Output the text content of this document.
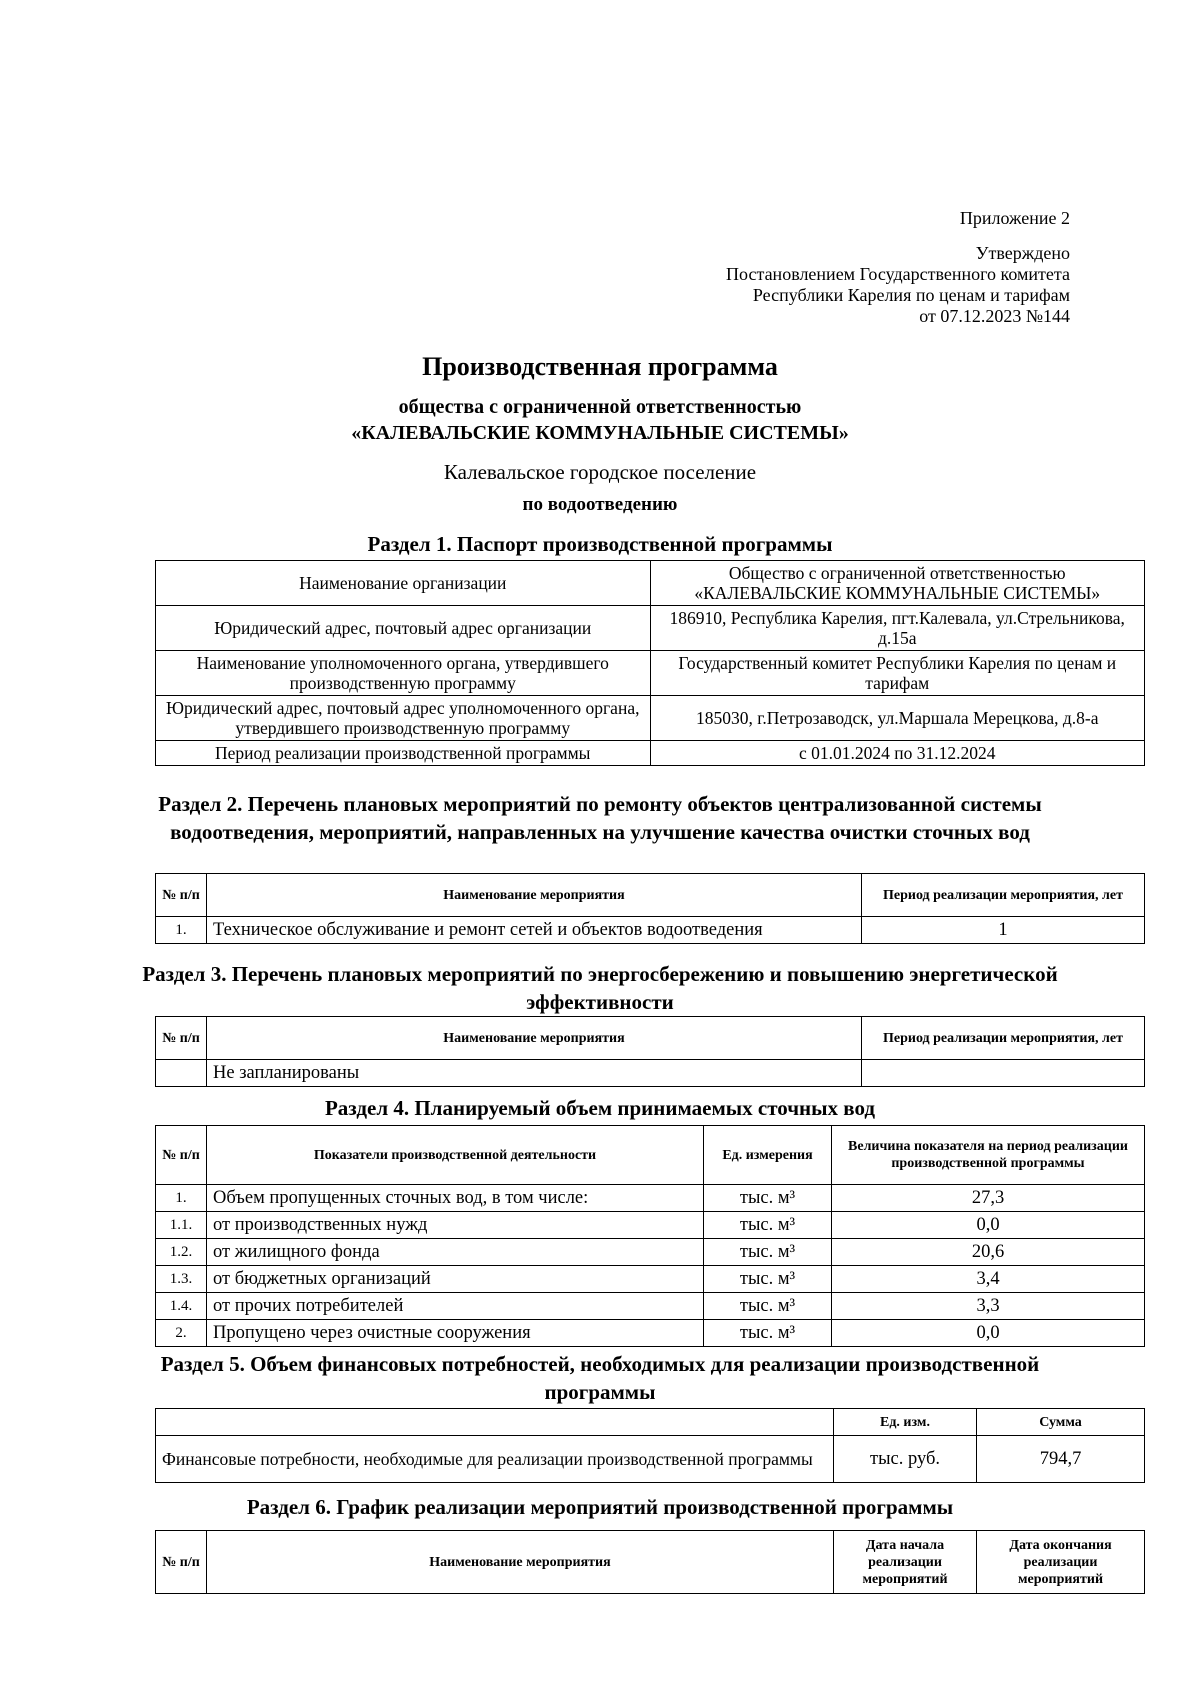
Приложение 2
Утверждено
Постановлением Государственного комитета
Республики Карелия по ценам и тарифам
от 07.12.2023 №144
Производственная программа
общества с ограниченной ответственностью
«КАЛЕВАЛЬСКИЕ КОММУНАЛЬНЫЕ СИСТЕМЫ»
Калевальское городское поселение
по водоотведению
Раздел 1. Паспорт производственной программы
Наименование организации	Общество с ограниченной ответственностью «КАЛЕВАЛЬСКИЕ КОММУНАЛЬНЫЕ СИСТЕМЫ»
Юридический адрес, почтовый адрес организации	186910, Республика Карелия, пгт.Калевала, ул.Стрельникова, д.15а
Наименование уполномоченного органа, утвердившего производственную программу	Государственный комитет Республики Карелия по ценам и тарифам
Юридический адрес, почтовый адрес уполномоченного органа, утвердившего производственную программу	185030, г.Петрозаводск, ул.Маршала Мерецкова, д.8-а
Период реализации производственной программы	с 01.01.2024 по 31.12.2024
Раздел 2. Перечень плановых мероприятий по ремонту объектов централизованной системы водоотведения, мероприятий, направленных на улучшение качества очистки сточных вод
№ п/п	Наименование мероприятия	Период реализации мероприятия, лет
1.	Техническое обслуживание и ремонт сетей и объектов водоотведения	1
Раздел 3. Перечень плановых мероприятий по энергосбережению и повышению энергетической эффективности
№ п/п	Наименование мероприятия	Период реализации мероприятия, лет
	Не запланированы	
Раздел 4. Планируемый объем принимаемых сточных вод
№ п/п	Показатели производственной деятельности	Ед. измерения	Величина показателя на период реализации производственной программы
1.	Объем пропущенных сточных вод, в том числе:	тыс. м³	27,3
1.1.	от производственных нужд	тыс. м³	0,0
1.2.	от жилищного фонда	тыс. м³	20,6
1.3.	от бюджетных организаций	тыс. м³	3,4
1.4.	от прочих потребителей	тыс. м³	3,3
2.	Пропущено через очистные сооружения	тыс. м³	0,0
Раздел 5. Объем финансовых потребностей, необходимых для реализации производственной программы
	Ед. изм.	Сумма
Финансовые потребности, необходимые для реализации производственной программы	тыс. руб.	794,7
Раздел 6. График реализации мероприятий производственной программы
№ п/п	Наименование мероприятия	Дата начала реализации мероприятий	Дата окончания реализации мероприятий
